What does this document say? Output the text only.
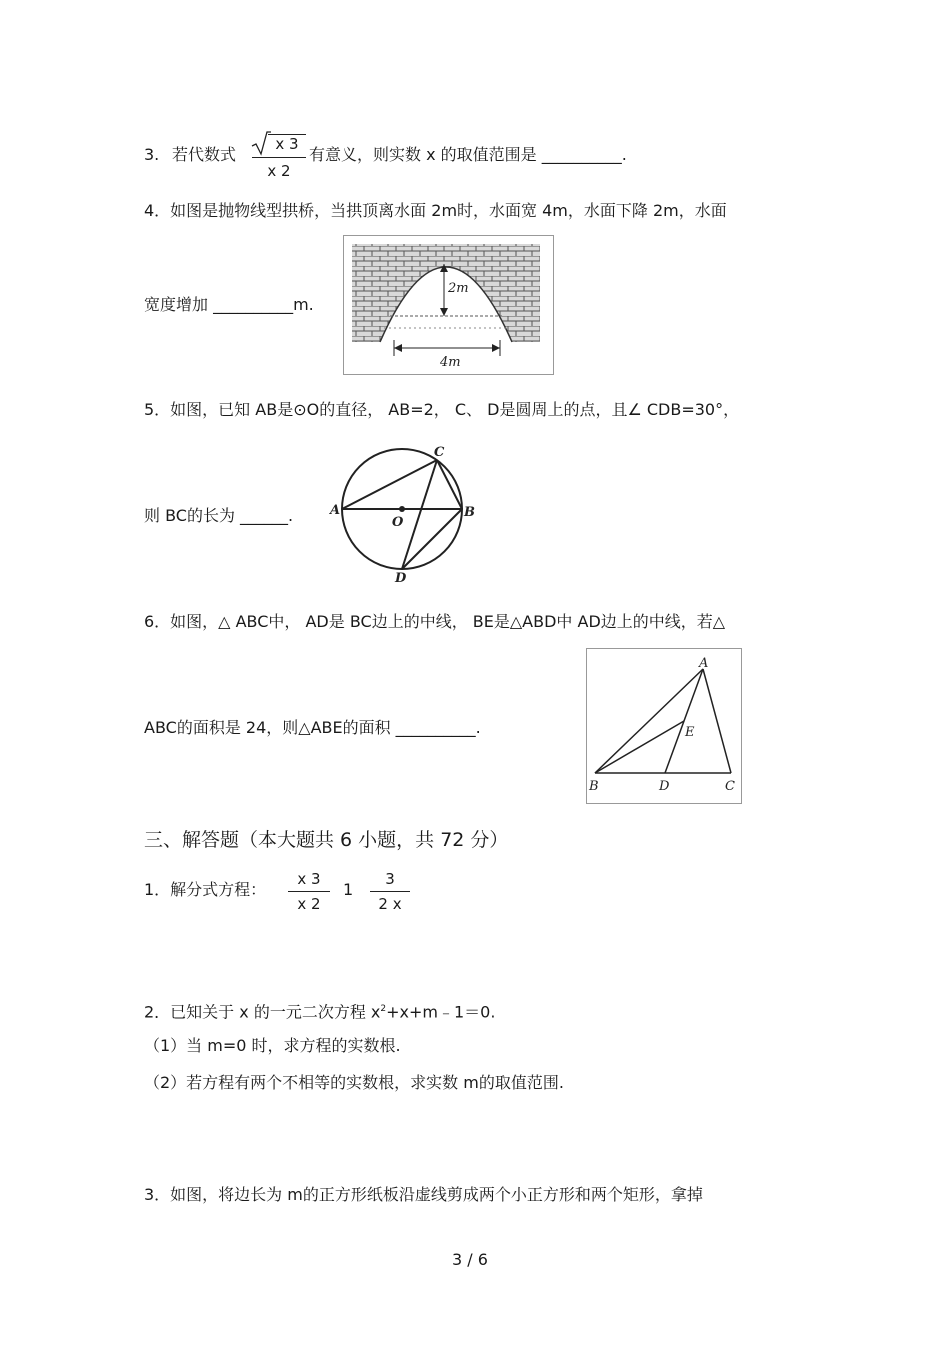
3. 若代数式
x 3
x 2
有意义，则实数 x 的取值范围是 __________.
4．如图是抛物线型拱桥，当拱顶离水面 2m时，水面宽 4m，水面下降 2m，水面
宽度增加 __________m.
2m
4m
5．如图，已知 AB是⊙O的直径， AB=2， C、 D是圆周上的点，且∠ CDB=30°，
则 BC的长为 ______.	A	B
C
D
O
6．如图，△ ABC中， AD是 BC边上的中线， BE是△ABD中 AD边上的中线，若△
ABC的面积是 24，则△ABE的面积 __________.
A
B	C
D
E
三、解答题（本大题共 6 小题，共 72 分）
1．解分式方程：
x 3
x 2
1
3
2 x
2．已知关于 x 的一元二次方程 $x^2+x+m﹣1=0$.
（1）当 m=0 时，求方程的实数根.
（2）若方程有两个不相等的实数根，求实数 m的取值范围.
3．如图，将边长为 m的正方形纸板沿虚线剪成两个小正方形和两个矩形，拿掉
3 / 6
